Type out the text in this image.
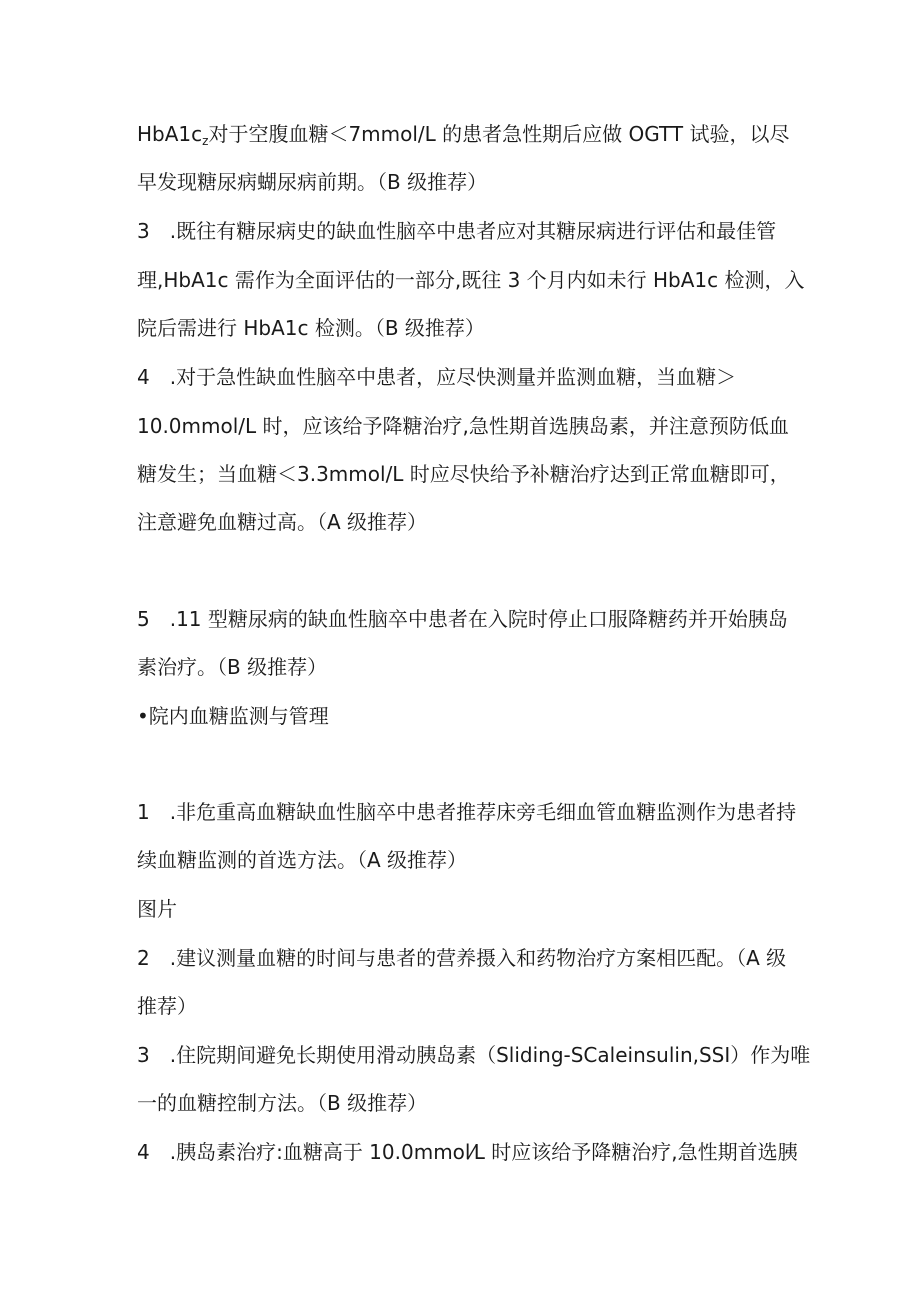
$HbA1c_z$对于空腹血糖＜7mmol/L 的患者急性期后应做 OGTT 试验，以尽
早发现糖尿病蝴尿病前期。（B 级推荐）
3　.既往有糖尿病史的缺血性脑卒中患者应对其糖尿病进行评估和最佳管
理,HbA1c 需作为全面评估的一部分,既往 3 个月内如未行 HbA1c 检测，入
院后需进行 HbA1c 检测。（B 级推荐）
4　.对于急性缺血性脑卒中患者，应尽快测量并监测血糖，当血糖＞
10.0mmol/L 时，应该给予降糖治疗,急性期首选胰岛素，并注意预防低血
糖发生；当血糖＜3.3mmol/L 时应尽快给予补糖治疗达到正常血糖即可，
注意避免血糖过高。（A 级推荐）
5　.11 型糖尿病的缺血性脑卒中患者在入院时停止口服降糖药并开始胰岛
素治疗。（B 级推荐）
•院内血糖监测与管理
1　.非危重高血糖缺血性脑卒中患者推荐床旁毛细血管血糖监测作为患者持
续血糖监测的首选方法。（A 级推荐）
图片
2　.建议测量血糖的时间与患者的营养摄入和药物治疗方案相匹配。（A 级
推荐）
3　.住院期间避免长期使用滑动胰岛素（Sliding-SCaleinsulin,SSI）作为唯
一的血糖控制方法。（B 级推荐）
4　.胰岛素治疗:血糖高于 10.0mmol⁄L 时应该给予降糖治疗,急性期首选胰
